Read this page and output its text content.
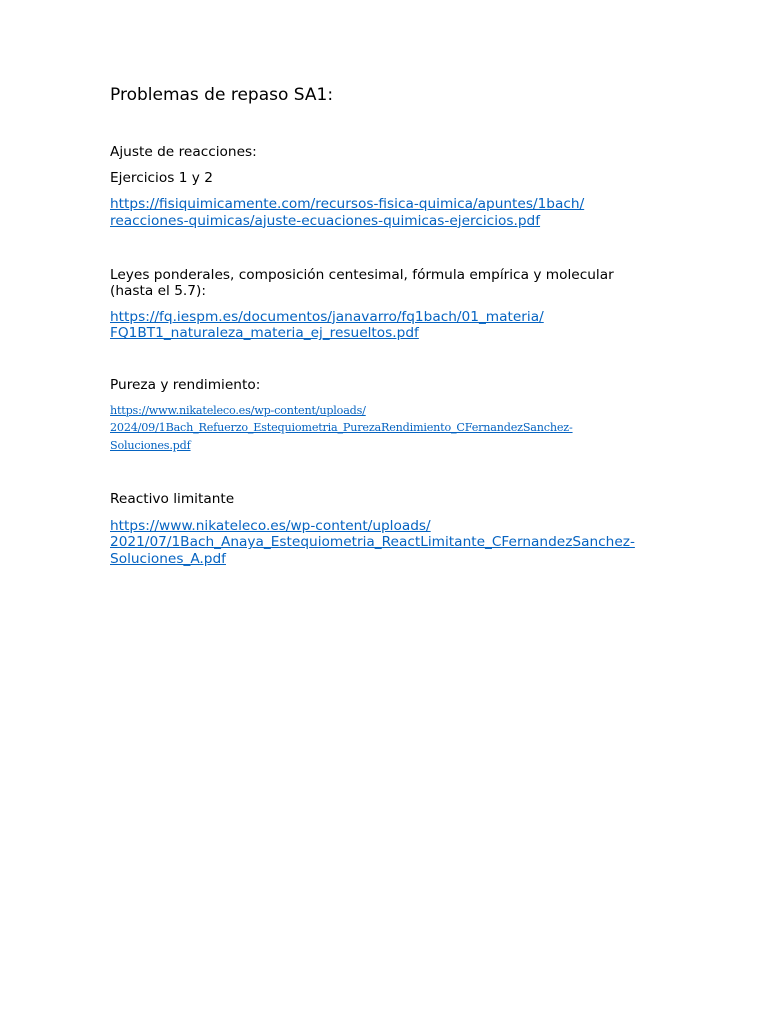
Problemas de repaso SA1:

Ajuste de reacciones:

Ejercicios 1 y 2

https://fisiquimicamente.com/recursos-fisica-quimica/apuntes/1bach/
reacciones-quimicas/ajuste-ecuaciones-quimicas-ejercicios.pdf

Leyes ponderales, composición centesimal, fórmula empírica y molecular
(hasta el 5.7):

https://fq.iespm.es/documentos/janavarro/fq1bach/01_materia/
FQ1BT1_naturaleza_materia_ej_resueltos.pdf

Pureza y rendimiento:

https://www.nikateleco.es/wp-content/uploads/
2024/09/1Bach_Refuerzo_Estequiometria_PurezaRendimiento_CFernandezSanchez-
Soluciones.pdf

Reactivo limitante

https://www.nikateleco.es/wp-content/uploads/
2021/07/1Bach_Anaya_Estequiometria_ReactLimitante_CFernandezSanchez-
Soluciones_A.pdf
